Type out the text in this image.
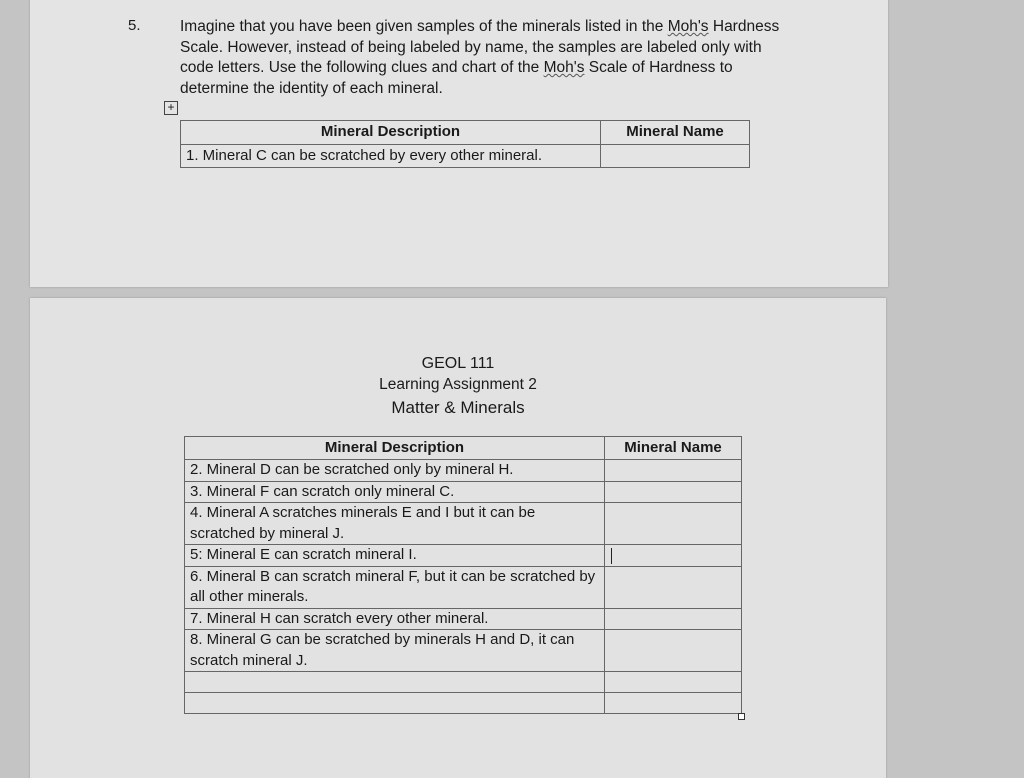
5.	Imagine that you have been given samples of the minerals listed in the Moh's Hardness Scale. However, instead of being labeled by name, the samples are labeled only with code letters. Use the following clues and chart of the Moh's Scale of Hardness to determine the identity of each mineral.
+
Mineral Description	Mineral Name
1. Mineral C can be scratched by every other mineral.	
GEOL 111
Learning Assignment 2
Matter & Minerals
Mineral Description	Mineral Name
2. Mineral D can be scratched only by mineral H.	
3. Mineral F can scratch only mineral C.	
4. Mineral A scratches minerals E and I but it can be scratched by mineral J.	
5: Mineral E can scratch mineral I.	

6. Mineral B can scratch mineral F, but it can be scratched by all other minerals.	
7. Mineral H can scratch every other mineral.	
8. Mineral G can be scratched by minerals H and D, it can scratch mineral J.	
